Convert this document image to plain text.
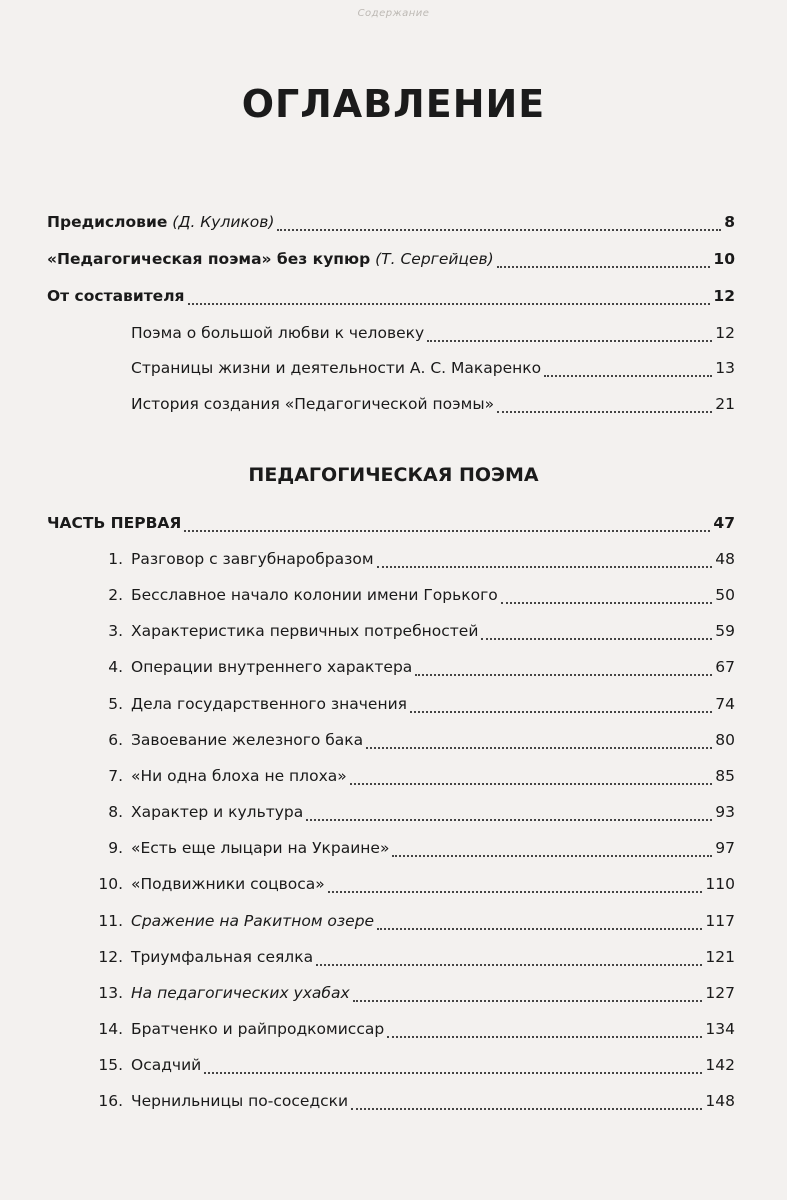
Содержание
ОГЛАВЛЕНИЕ
Предисловие (Д. Куликов)	8
«Педагогическая поэма» без купюр (Т. Сергейцев)	10
От составителя	12
Поэма о большой любви к человеку	12
Страницы жизни и деятельности А. С. Макаренко	13
История создания «Педагогической поэмы»	21
ПЕДАГОГИЧЕСКАЯ ПОЭМА
ЧАСТЬ ПЕРВАЯ	47
1. Разговор с завгубнаробразом	48
2. Бесславное начало колонии имени Горького	50
3. Характеристика первичных потребностей	59
4. Операции внутреннего характера	67
5. Дела государственного значения	74
6. Завоевание железного бака	80
7. «Ни одна блоха не плоха»	85
8. Характер и культура	93
9. «Есть еще лыцари на Украине»	97
10. «Подвижники соцвоса»	110
11. Сражение на Ракитном озере	117
12. Триумфальная сеялка	121
13. На педагогических ухабах	127
14. Братченко и райпродкомиссар	134
15. Осадчий	142
16. Чернильницы по-соседски	148
